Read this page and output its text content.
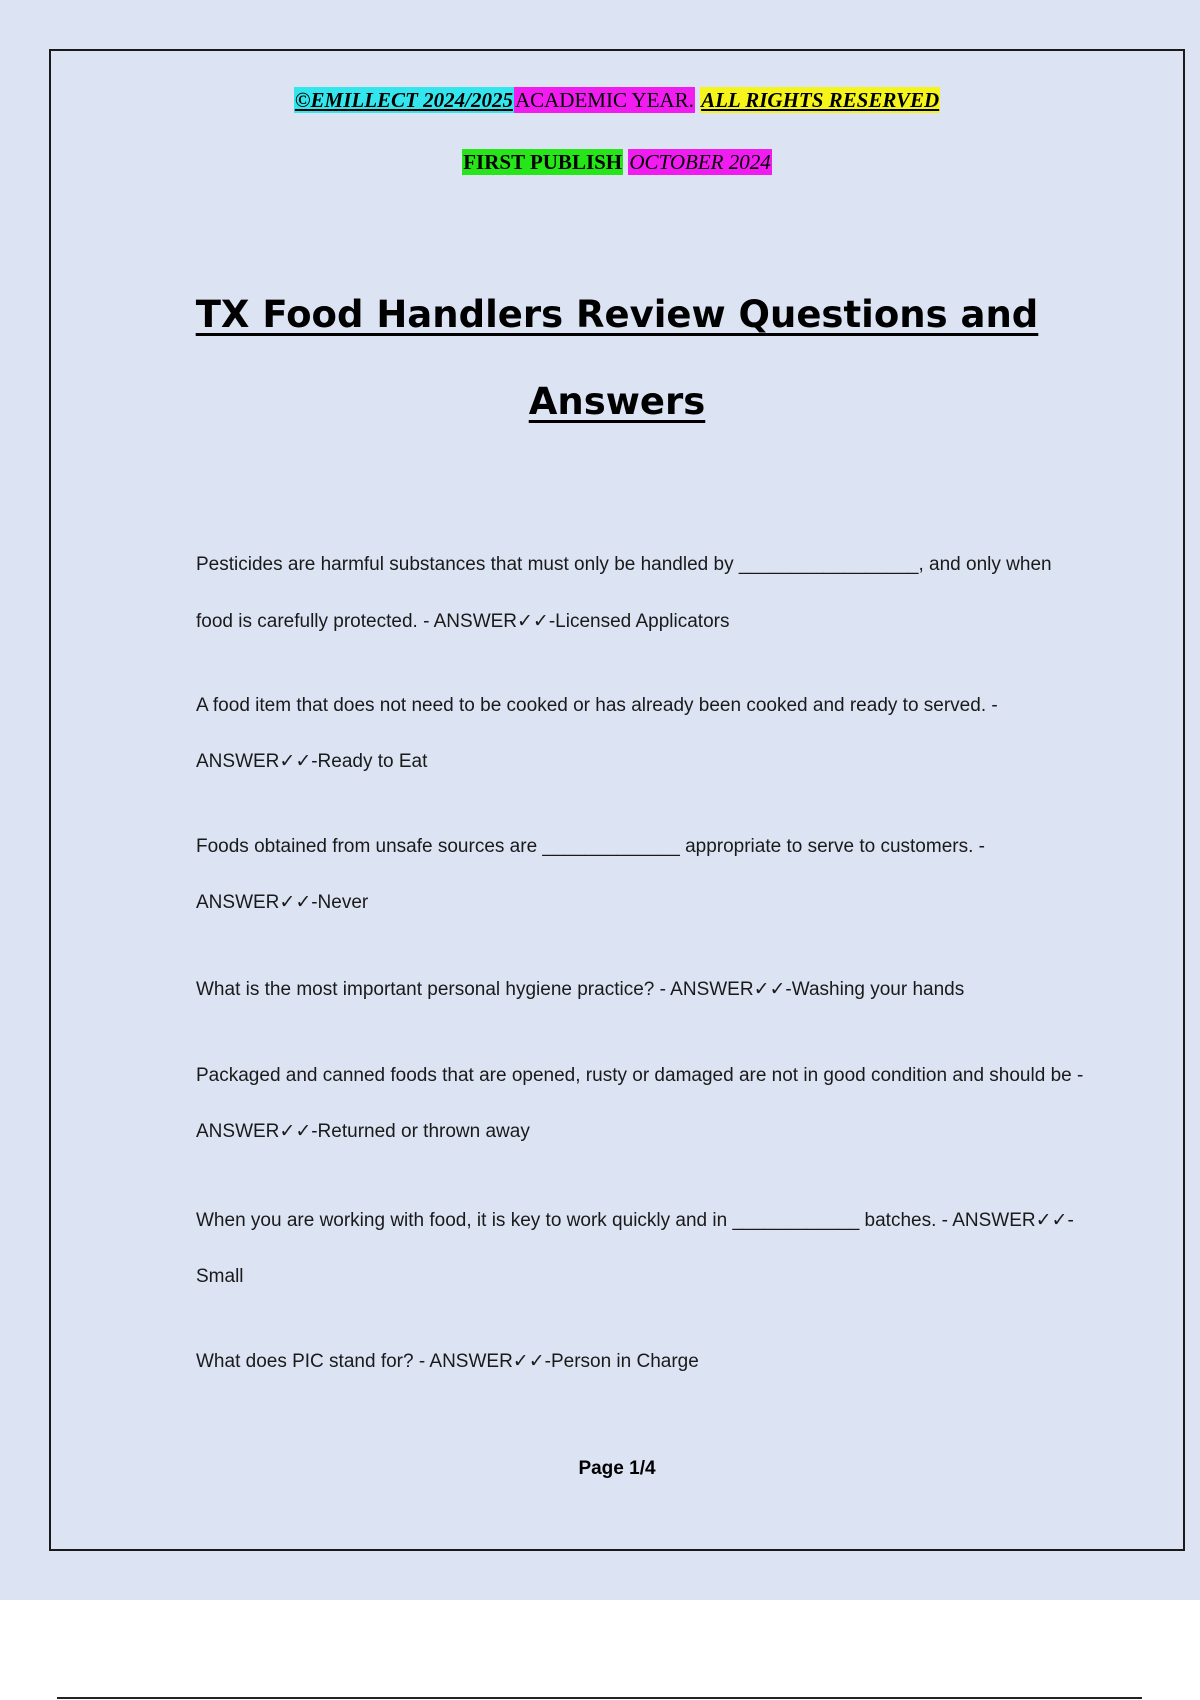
©EMILLECT 2024/2025ACADEMIC YEAR. ALL RIGHTS RESERVED
FIRST PUBLISH OCTOBER 2024
TX Food Handlers Review Questions and
Answers
Pesticides are harmful substances that must only be handled by _________________, and only when
food is carefully protected. - ANSWER✓✓-Licensed Applicators
A food item that does not need to be cooked or has already been cooked and ready to served. -
ANSWER✓✓-Ready to Eat
Foods obtained from unsafe sources are _____________ appropriate to serve to customers. -
ANSWER✓✓-Never
What is the most important personal hygiene practice? - ANSWER✓✓-Washing your hands
Packaged and canned foods that are opened, rusty or damaged are not in good condition and should be -
ANSWER✓✓-Returned or thrown away
When you are working with food, it is key to work quickly and in ____________ batches. - ANSWER✓✓-
Small
What does PIC stand for? - ANSWER✓✓-Person in Charge
Page 1/4
